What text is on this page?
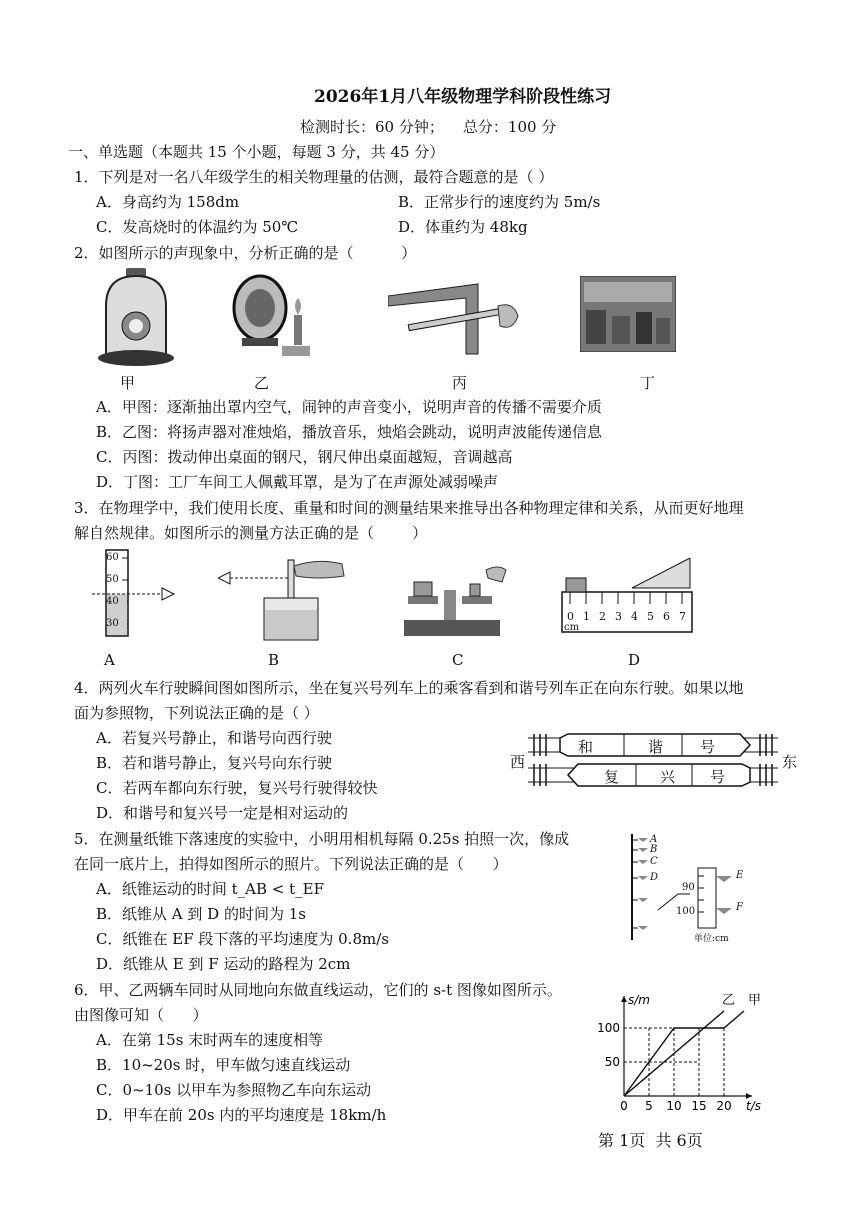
2026年1月八年级物理学科阶段性练习
检测时长：60 分钟；    总分：100 分
一、单选题（本题共 15 个小题，每题 3 分，共 45 分）
1．下列是对一名八年级学生的相关物理量的估测，最符合题意的是（ ）
A．身高约为 158dm	B．正常步行的速度约为 5m/s
C．发高烧时的体温约为 50℃	D．体重约为 48kg
2．如图所示的声现象中，分析正确的是（          ）
甲	乙	丙	丁
A．甲图：逐渐抽出罩内空气，闹钟的声音变小，说明声音的传播不需要介质
B．乙图：将扬声器对准烛焰，播放音乐，烛焰会跳动，说明声波能传递信息
C．丙图：拨动伸出桌面的钢尺，钢尺伸出桌面越短，音调越高
D．丁图：工厂车间工人佩戴耳罩，是为了在声源处减弱噪声
3．在物理学中，我们使用长度、重量和时间的测量结果来推导出各种物理定律和关系，从而更好地理
解自然规律。如图所示的测量方法正确的是（        ）
60
50
40
30
0 1 2 3 4 5 6 7
cm
A	B	C	D
4．两列火车行驶瞬间图如图所示，坐在复兴号列车上的乘客看到和谐号列车正在向东行驶。如果以地
面为参照物，下列说法正确的是（ ）
A．若复兴号静止，和谐号向西行驶
B．若和谐号静止，复兴号向东行驶
C．若两车都向东行驶，复兴号行驶得较快
D．和谐号和复兴号一定是相对运动的
和	谐 号
复	兴 号
西	东
5．在测量纸锥下落速度的实验中，小明用相机每隔 0.25s 拍照一次，像成
在同一底片上，拍得如图所示的照片。下列说法正确的是（      ）
A．纸锥运动的时间 t_AB < t_EF
B．纸锥从 A 到 D 的时间为 1s
C．纸锥在 EF 段下落的平均速度为 0.8m/s
D．纸锥从 E 到 F 运动的路程为 2cm
A
B
C
D	E
F
90
100
单位:cm
6．甲、乙两辆车同时从同地向东做直线运动，它们的 s-t 图像如图所示。
由图像可知（      ）
A．在第 15s 末时两车的速度相等
B．10~20s 时，甲车做匀速直线运动
C．0~10s 以甲车为参照物乙车向东运动
D．甲车在前 20s 内的平均速度是 18km/h	0 5 10 15 20
50
100
乙 甲
t/s
s/m
第 1页  共 6页
